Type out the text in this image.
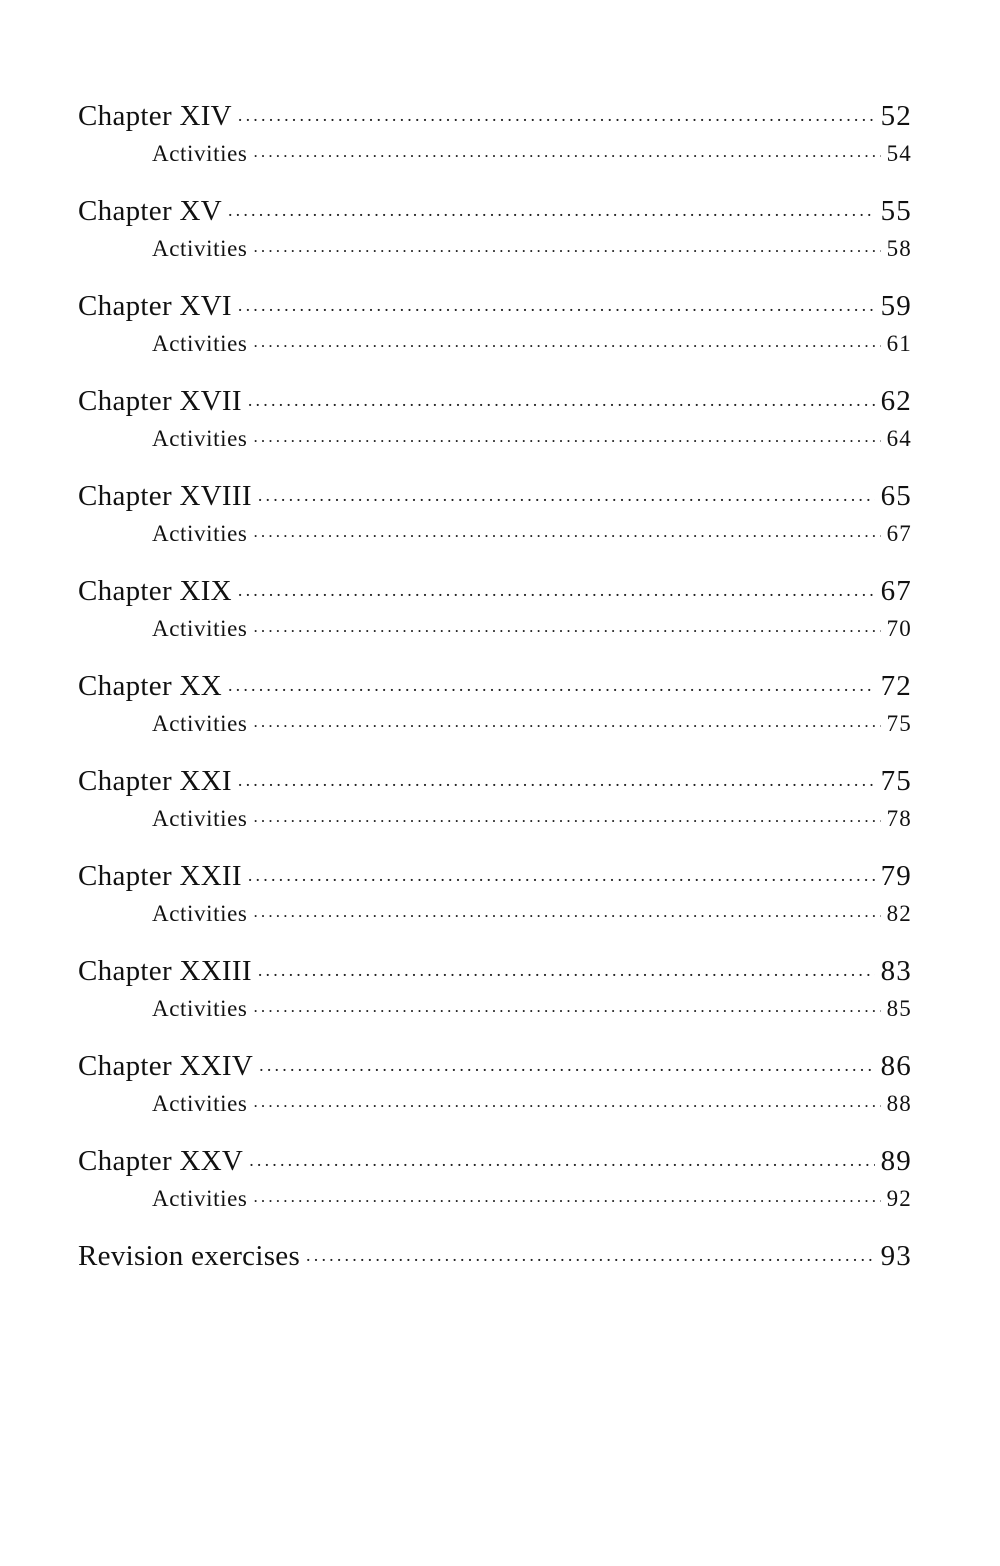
Chapter XIV .....	52
Activities .....	54
Chapter XV .....	55
Activities .....	58
Chapter XVI .....	59
Activities .....	61
Chapter XVII .....	62
Activities .....	64
Chapter XVIII .....	65
Activities .....	67
Chapter XIX .....	67
Activities .....	70
Chapter XX .....	72
Activities .....	75
Chapter XXI .....	75
Activities .....	78
Chapter XXII .....	79
Activities .....	82
Chapter XXIII .....	83
Activities .....	85
Chapter XXIV .....	86
Activities .....	88
Chapter XXV .....	89
Activities .....	92
Revision exercises .....	93
